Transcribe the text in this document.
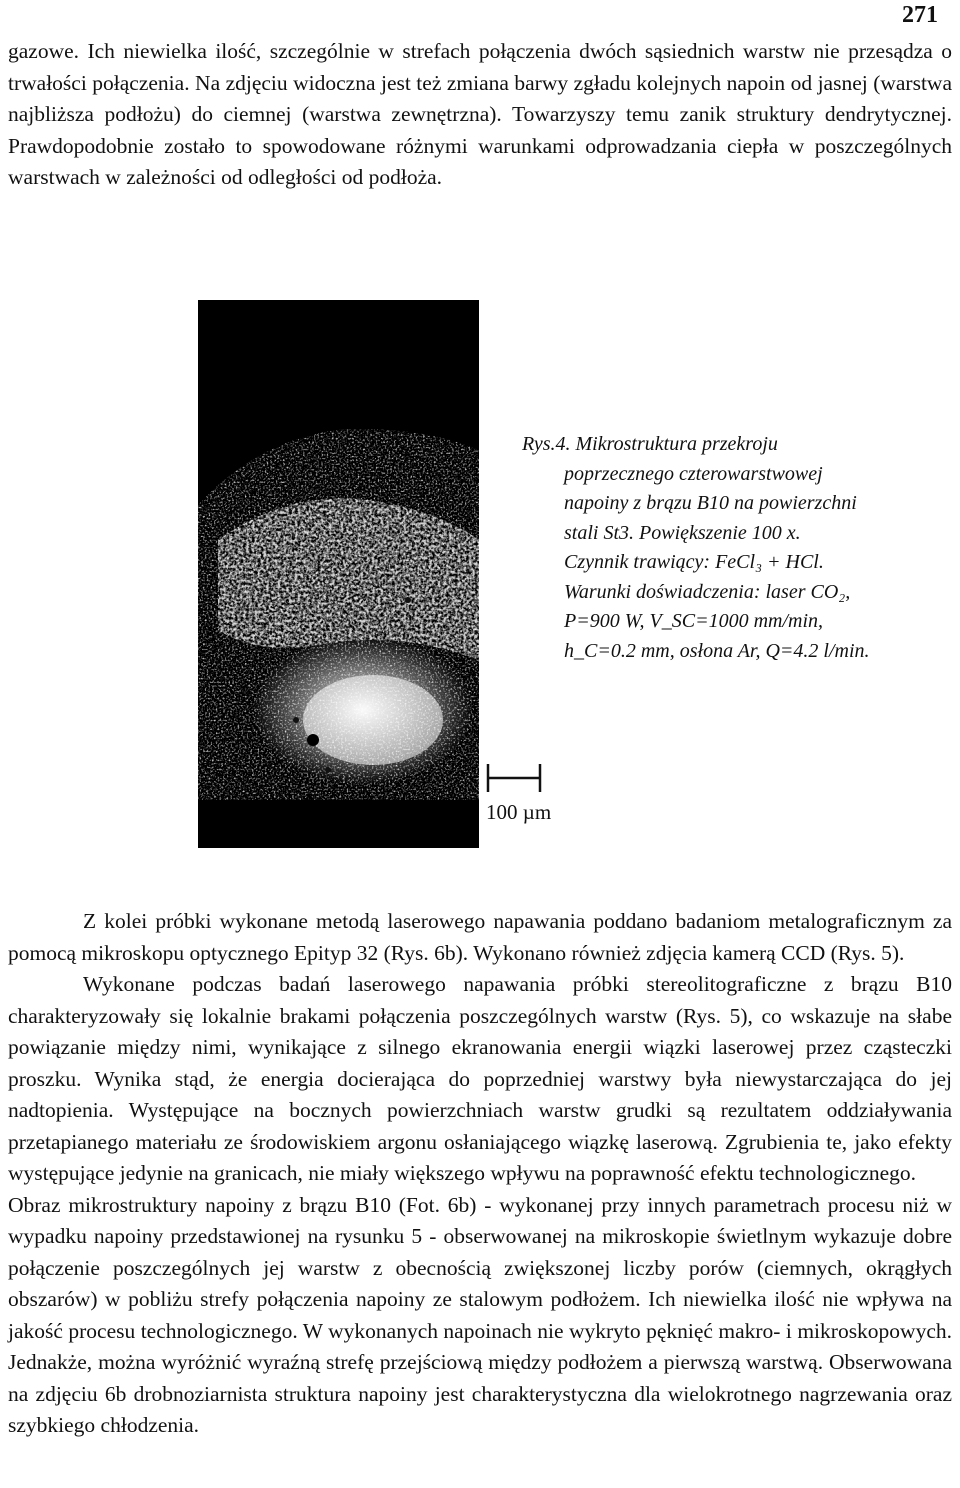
271

gazowe. Ich niewielka ilość, szczególnie w strefach połączenia dwóch sąsiednich warstw nie przesądza o trwałości połączenia. Na zdjęciu widoczna jest też zmiana barwy zgładu kolejnych napoin od jasnej (warstwa najbliższa podłożu) do ciemnej (warstwa zewnętrzna). Towarzyszy temu zanik struktury dendrytycznej. Prawdopodobnie zostało to spowodowane różnymi warunkami odprowadzania ciepła w poszczególnych warstwach w zależności od odległości od podłoża.

Rys.4. Mikrostruktura przekroju
poprzecznego czterowarstwowej
napoiny z brązu B10 na powierzchni
stali St3. Powiększenie 100 x.
Czynnik trawiący: FeCl₃ + HCl.
Warunki doświadczenia: laser CO₂,
P=900 W, V_SC=1000 mm/min,
h_C=0.2 mm, osłona Ar, Q=4.2 l/min.
100 µm

Z kolei próbki wykonane metodą laserowego napawania poddano badaniom metalograficznym za pomocą mikroskopu optycznego Epityp 32 (Rys. 6b). Wykonano również zdjęcia kamerą CCD (Rys. 5).

Wykonane podczas badań laserowego napawania próbki stereolitograficzne z brązu B10 charakteryzowały się lokalnie brakami połączenia poszczególnych warstw (Rys. 5), co wskazuje na słabe powiązanie między nimi, wynikające z silnego ekranowania energii wiązki laserowej przez cząsteczki proszku. Wynika stąd, że energia docierająca do poprzedniej warstwy była niewystarczająca do jej nadtopienia. Występujące na bocznych powierzchniach warstw grudki są rezultatem oddziaływania przetapianego materiału ze środowiskiem argonu osłaniającego wiązkę laserową. Zgrubienia te, jako efekty występujące jedynie na granicach, nie miały większego wpływu na poprawność efektu technologicznego.

Obraz mikrostruktury napoiny z brązu B10 (Fot. 6b) - wykonanej przy innych parametrach procesu niż w wypadku napoiny przedstawionej na rysunku 5 - obserwowanej na mikroskopie świetlnym wykazuje dobre połączenie poszczególnych jej warstw z obecnością zwiększonej liczby porów (ciemnych, okrągłych obszarów) w pobliżu strefy połączenia napoiny ze stalowym podłożem. Ich niewielka ilość nie wpływa na jakość procesu technologicznego. W wykonanych napoinach nie wykryto pęknięć makro- i mikroskopowych. Jednakże, można wyróżnić wyraźną strefę przejściową między podłożem a pierwszą warstwą. Obserwowana na zdjęciu 6b drobnoziarnista struktura napoiny jest charakterystyczna dla wielokrotnego nagrzewania oraz szybkiego chłodzenia.
